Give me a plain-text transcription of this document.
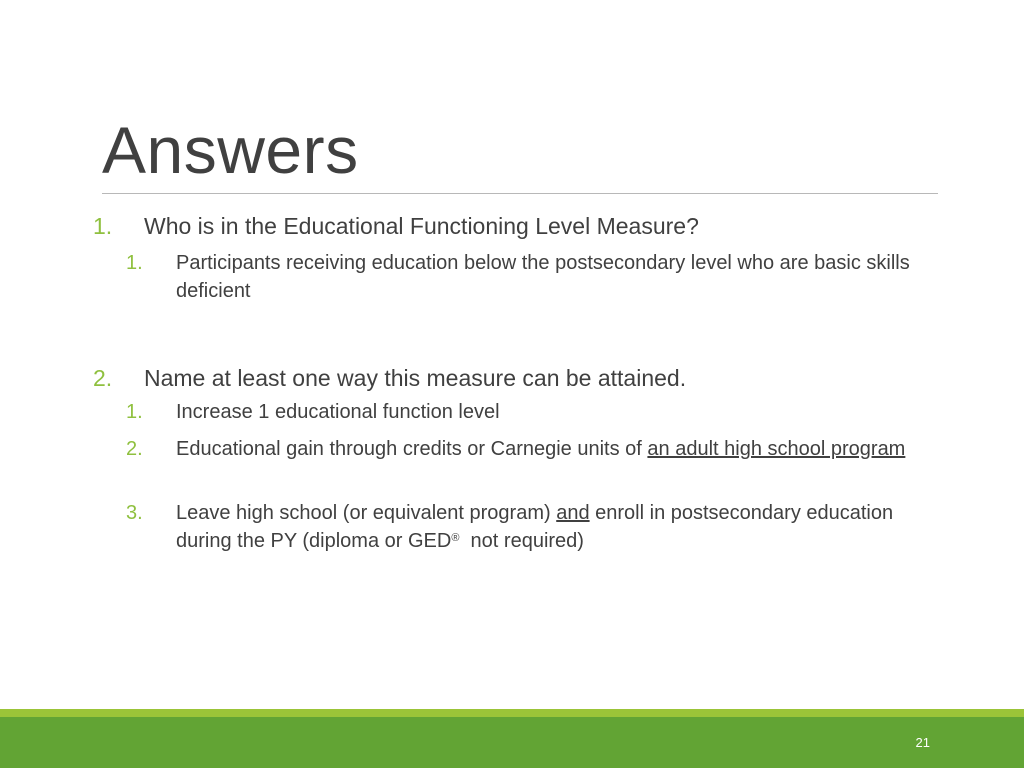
Answers
1. Who is in the Educational Functioning Level Measure?
1. Participants receiving education below the postsecondary level who are basic skills deficient
2. Name at least one way this measure can be attained.
1. Increase 1 educational function level
2. Educational gain through credits or Carnegie units of an adult high school program
3. Leave high school (or equivalent program) and enroll in postsecondary education during the PY (diploma or GED®  not required)
21
